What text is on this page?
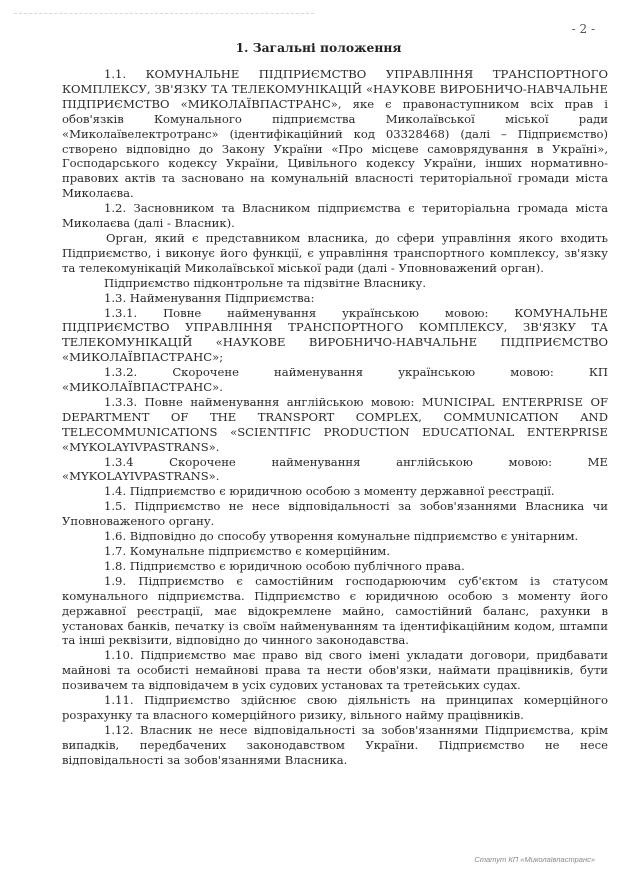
- 2 -
1. Загальні положення

1.1. КОМУНАЛЬНЕ ПІДПРИЄМСТВО УПРАВЛІННЯ ТРАНСПОРТНОГО КОМПЛЕКСУ, ЗВ'ЯЗКУ ТА ТЕЛЕКОМУНІКАЦІЙ «НАУКОВЕ ВИРОБНИЧО-НАВЧАЛЬНЕ ПІДПРИЄМСТВО «МИКОЛАЇВПАСТРАНС», яке є правонаступником всіх прав і обов'язків Комунального підприємства Миколаївської міської ради «Миколаївелектротранс» (ідентифікаційний код 03328468) (далі – Підприємство) створено відповідно до Закону України «Про місцеве самоврядування в Україні», Господарського кодексу України, Цивільного кодексу України, інших нормативно-правових актів та засновано на комунальній власності територіальної громади міста Миколаєва.

1.2. Засновником та Власником підприємства є територіальна громада міста Миколаєва (далі - Власник).

Орган, який є представником власника, до сфери управління якого входить Підприємство, і виконує його функції, є управління транспортного комплексу, зв'язку та телекомунікацій Миколаївської міської ради (далі - Уповноважений орган).

Підприємство підконтрольне та підзвітне Власнику.

1.3. Найменування Підприємства:

1.3.1. Повне найменування українською мовою: КОМУНАЛЬНЕ ПІДПРИЄМСТВО УПРАВЛІННЯ ТРАНСПОРТНОГО КОМПЛЕКСУ, ЗВ'ЯЗКУ ТА ТЕЛЕКОМУНІКАЦІЙ «НАУКОВЕ ВИРОБНИЧО-НАВЧАЛЬНЕ ПІДПРИЄМСТВО «МИКОЛАЇВПАСТРАНС»;

1.3.2. Скорочене найменування українською мовою: КП «МИКОЛАЇВПАСТРАНС».

1.3.3. Повне найменування англійською мовою: MUNICIPAL ENTERPRISE OF DEPARTMENT OF THE TRANSPORT COMPLEX, COMMUNICATION AND TELECOMMUNICATIONS «SCIENTIFIC PRODUCTION EDUCATIONAL ENTERPRISE «MYKOLAYIVPASTRANS».

1.3.4 Скорочене найменування англійською мовою: ME «MYKOLAYIVPASTRANS».

1.4. Підприємство є юридичною особою з моменту державної реєстрації.

1.5. Підприємство не несе відповідальності за зобов'язаннями Власника чи Уповноваженого органу.

1.6. Відповідно до способу утворення комунальне підприємство є унітарним.

1.7. Комунальне підприємство є комерційним.

1.8. Підприємство є юридичною особою публічного права.

1.9. Підприємство є самостійним господарюючим суб'єктом із статусом комунального підприємства. Підприємство є юридичною особою з моменту його державної реєстрації, має відокремлене майно, самостійний баланс, рахунки в установах банків, печатку із своїм найменуванням та ідентифікаційним кодом, штампи та інші реквізити, відповідно до чинного законодавства.

1.10. Підприємство має право від свого імені укладати договори, придбавати майнові та особисті немайнові права та нести обов'язки, наймати працівників, бути позивачем та відповідачем в усіх судових установах та третейських судах.

1.11. Підприємство здійснює свою діяльність на принципах комерційного розрахунку та власного комерційного ризику, вільного найму працівників.

1.12. Власник не несе відповідальності за зобов'язаннями Підприємства, крім випадків, передбачених законодавством України. Підприємство не несе відповідальності за зобов'язаннями Власника.

Статут КП «Миколаївпастранс»
